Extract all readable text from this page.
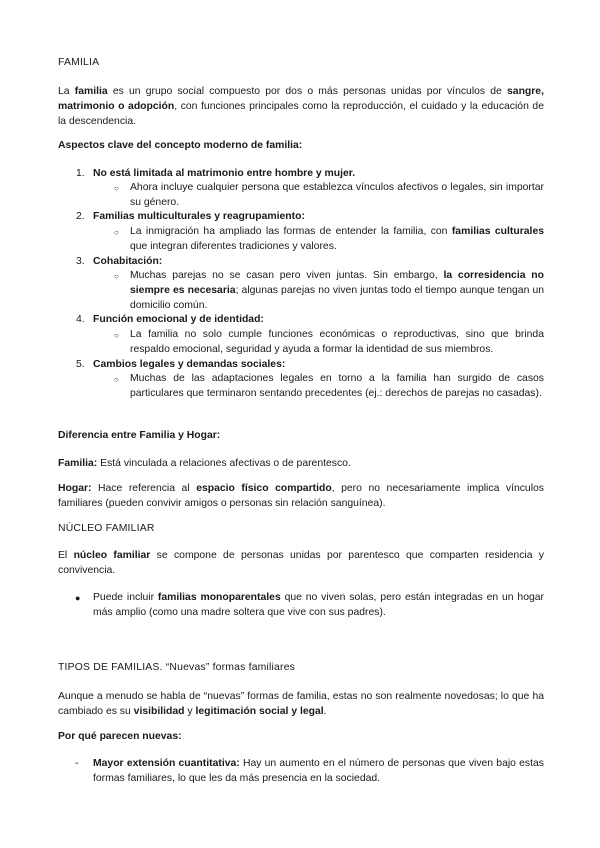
FAMILIA

La familia es un grupo social compuesto por dos o más personas unidas por vínculos de sangre, matrimonio o adopción, con funciones principales como la reproducción, el cuidado y la educación de la descendencia.

Aspectos clave del concepto moderno de familia:

1. No está limitada al matrimonio entre hombre y mujer.
○	Ahora incluye cualquier persona que establezca vínculos afectivos o legales, sin importar su género.

2. Familias multiculturales y reagrupamiento:
○	La inmigración ha ampliado las formas de entender la familia, con familias culturales que integran diferentes tradiciones y valores.

3. Cohabitación:
○	Muchas parejas no se casan pero viven juntas. Sin embargo, la corresidencia no siempre es necesaria; algunas parejas no viven juntas todo el tiempo aunque tengan un domicilio común.

4. Función emocional y de identidad:
○	La familia no solo cumple funciones económicas o reproductivas, sino que brinda respaldo emocional, seguridad y ayuda a formar la identidad de sus miembros.

5. Cambios legales y demandas sociales:
○	Muchas de las adaptaciones legales en torno a la familia han surgido de casos particulares que terminaron sentando precedentes (ej.: derechos de parejas no casadas).

Diferencia entre Familia y Hogar:

Familia: Está vinculada a relaciones afectivas o de parentesco.

Hogar: Hace referencia al espacio físico compartido, pero no necesariamente implica vínculos familiares (pueden convivir amigos o personas sin relación sanguínea).

NÚCLEO FAMILIAR

El núcleo familiar se compone de personas unidas por parentesco que comparten residencia y convivencia.

● Puede incluir familias monoparentales que no viven solas, pero están integradas en un hogar más amplio (como una madre soltera que vive con sus padres).

TIPOS DE FAMILIAS. “Nuevas” formas familiares

Aunque a menudo se habla de “nuevas” formas de familia, estas no son realmente novedosas; lo que ha cambiado es su visibilidad y legitimación social y legal.

Por qué parecen nuevas:

- Mayor extensión cuantitativa: Hay un aumento en el número de personas que viven bajo estas formas familiares, lo que les da más presencia en la sociedad.
